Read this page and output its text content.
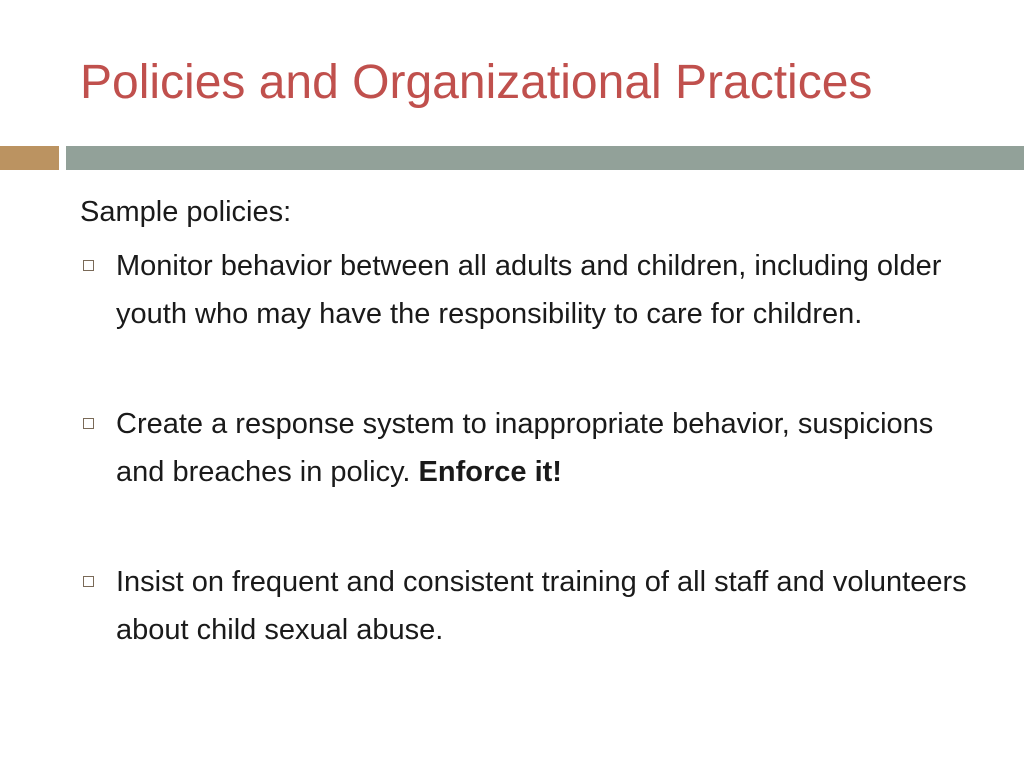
Policies and Organizational Practices

Sample policies:

Monitor behavior between all adults and children, including older youth who may have the responsibility to care for children.
Create a response system to inappropriate behavior, suspicions and breaches in policy. Enforce it!
Insist on frequent and consistent training of all staff and volunteers about child sexual abuse.
